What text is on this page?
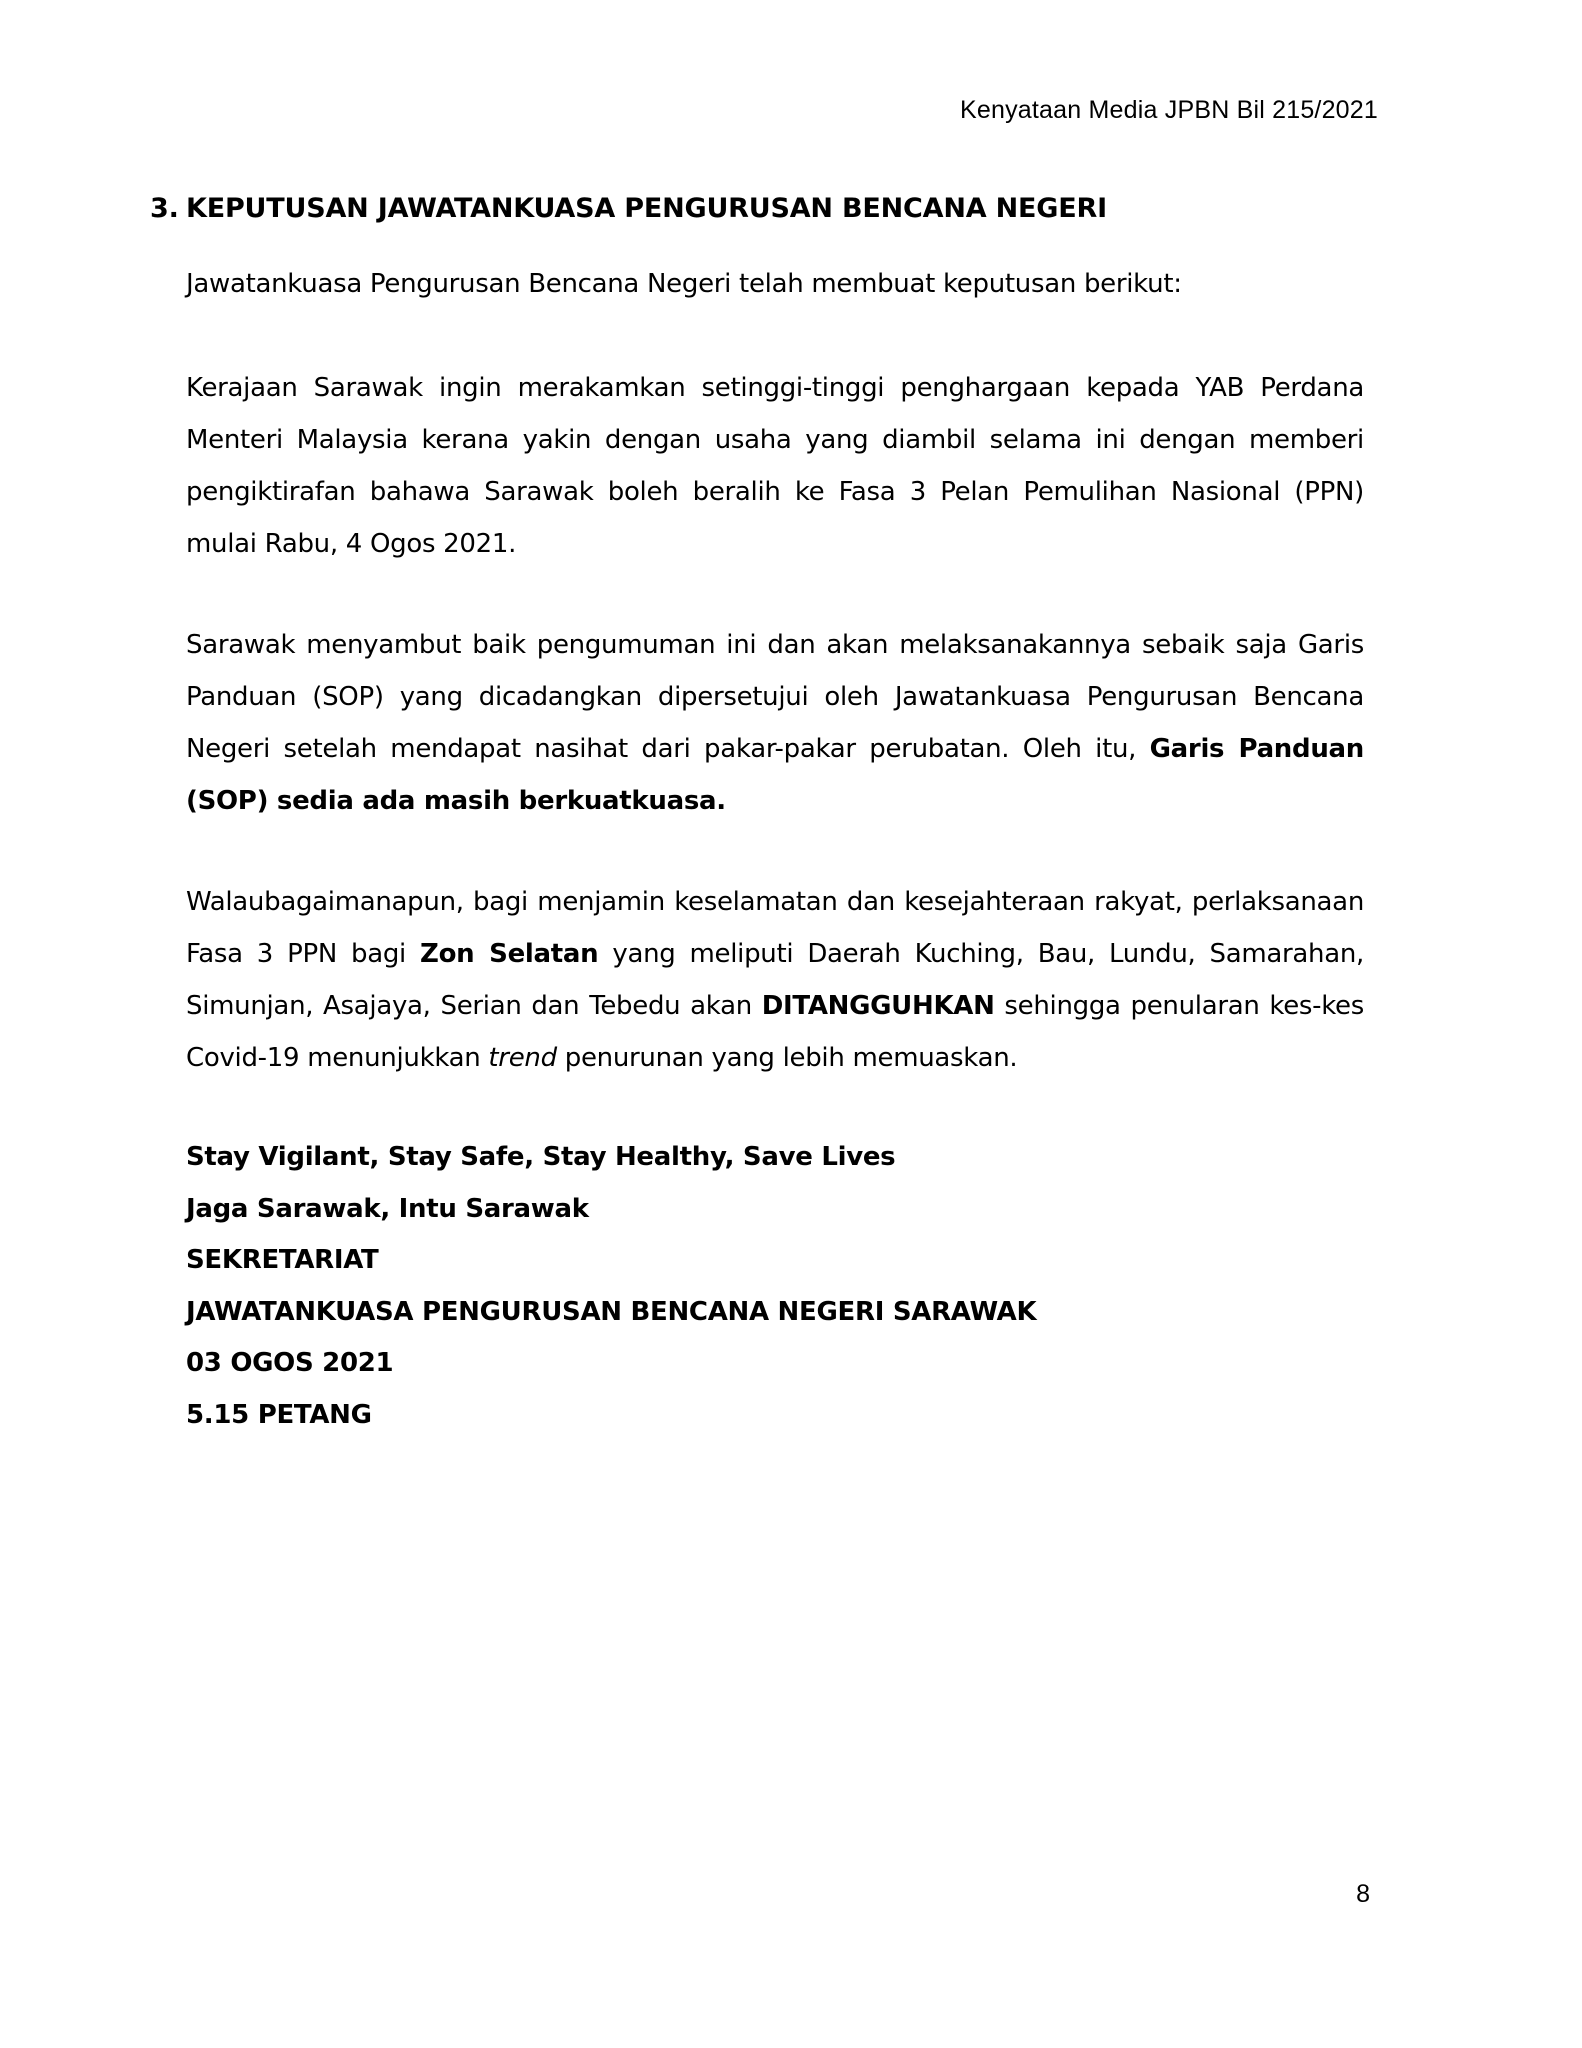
Kenyataan Media JPBN Bil 215/2021
3. KEPUTUSAN JAWATANKUASA PENGURUSAN BENCANA NEGERI

Jawatankuasa Pengurusan Bencana Negeri telah membuat keputusan berikut:

Kerajaan Sarawak ingin merakamkan setinggi-tinggi penghargaan kepada YAB Perdana Menteri Malaysia kerana yakin dengan usaha yang diambil selama ini dengan memberi pengiktirafan bahawa Sarawak boleh beralih ke Fasa 3 Pelan Pemulihan Nasional (PPN) mulai Rabu, 4 Ogos 2021.

Sarawak menyambut baik pengumuman ini dan akan melaksanakannya sebaik saja Garis Panduan (SOP) yang dicadangkan dipersetujui oleh Jawatankuasa Pengurusan Bencana Negeri setelah mendapat nasihat dari pakar-pakar perubatan. Oleh itu, Garis Panduan (SOP) sedia ada masih berkuatkuasa.

Walaubagaimanapun, bagi menjamin keselamatan dan kesejahteraan rakyat, perlaksanaan Fasa 3 PPN bagi Zon Selatan yang meliputi Daerah Kuching, Bau, Lundu, Samarahan, Simunjan, Asajaya, Serian dan Tebedu akan DITANGGUHKAN sehingga penularan kes-kes Covid-19 menunjukkan trend penurunan yang lebih memuaskan.

Stay Vigilant, Stay Safe, Stay Healthy, Save Lives
Jaga Sarawak, Intu Sarawak
SEKRETARIAT
JAWATANKUASA PENGURUSAN BENCANA NEGERI SARAWAK
03 OGOS 2021
5.15 PETANG
8
